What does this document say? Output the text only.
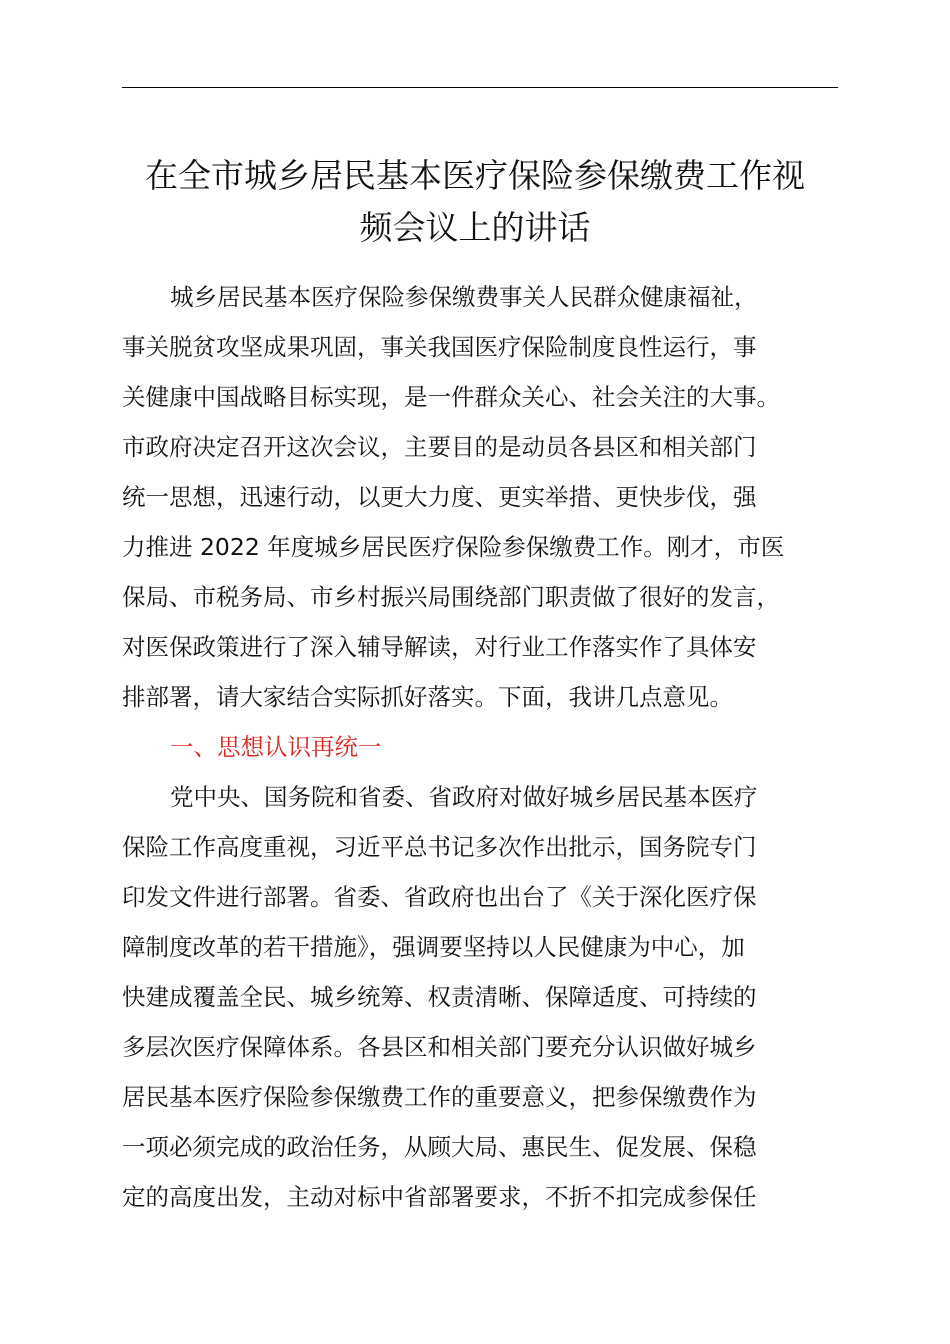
在全市城乡居民基本医疗保险参保缴费工作视
频会议上的讲话
城乡居民基本医疗保险参保缴费事关人民群众健康福祉，
事关脱贫攻坚成果巩固，事关我国医疗保险制度良性运行，事
关健康中国战略目标实现，是一件群众关心、社会关注的大事。
市政府决定召开这次会议，主要目的是动员各县区和相关部门
统一思想，迅速行动，以更大力度、更实举措、更快步伐，强
力推进 2022 年度城乡居民医疗保险参保缴费工作。刚才，市医
保局、市税务局、市乡村振兴局围绕部门职责做了很好的发言，
对医保政策进行了深入辅导解读，对行业工作落实作了具体安
排部署，请大家结合实际抓好落实。下面，我讲几点意见。
一、思想认识再统一
党中央、国务院和省委、省政府对做好城乡居民基本医疗
保险工作高度重视，习近平总书记多次作出批示，国务院专门
印发文件进行部署。省委、省政府也出台了《关于深化医疗保
障制度改革的若干措施》，强调要坚持以人民健康为中心，加
快建成覆盖全民、城乡统筹、权责清晰、保障适度、可持续的
多层次医疗保障体系。各县区和相关部门要充分认识做好城乡
居民基本医疗保险参保缴费工作的重要意义，把参保缴费作为
一项必须完成的政治任务，从顾大局、惠民生、促发展、保稳
定的高度出发，主动对标中省部署要求，不折不扣完成参保任
